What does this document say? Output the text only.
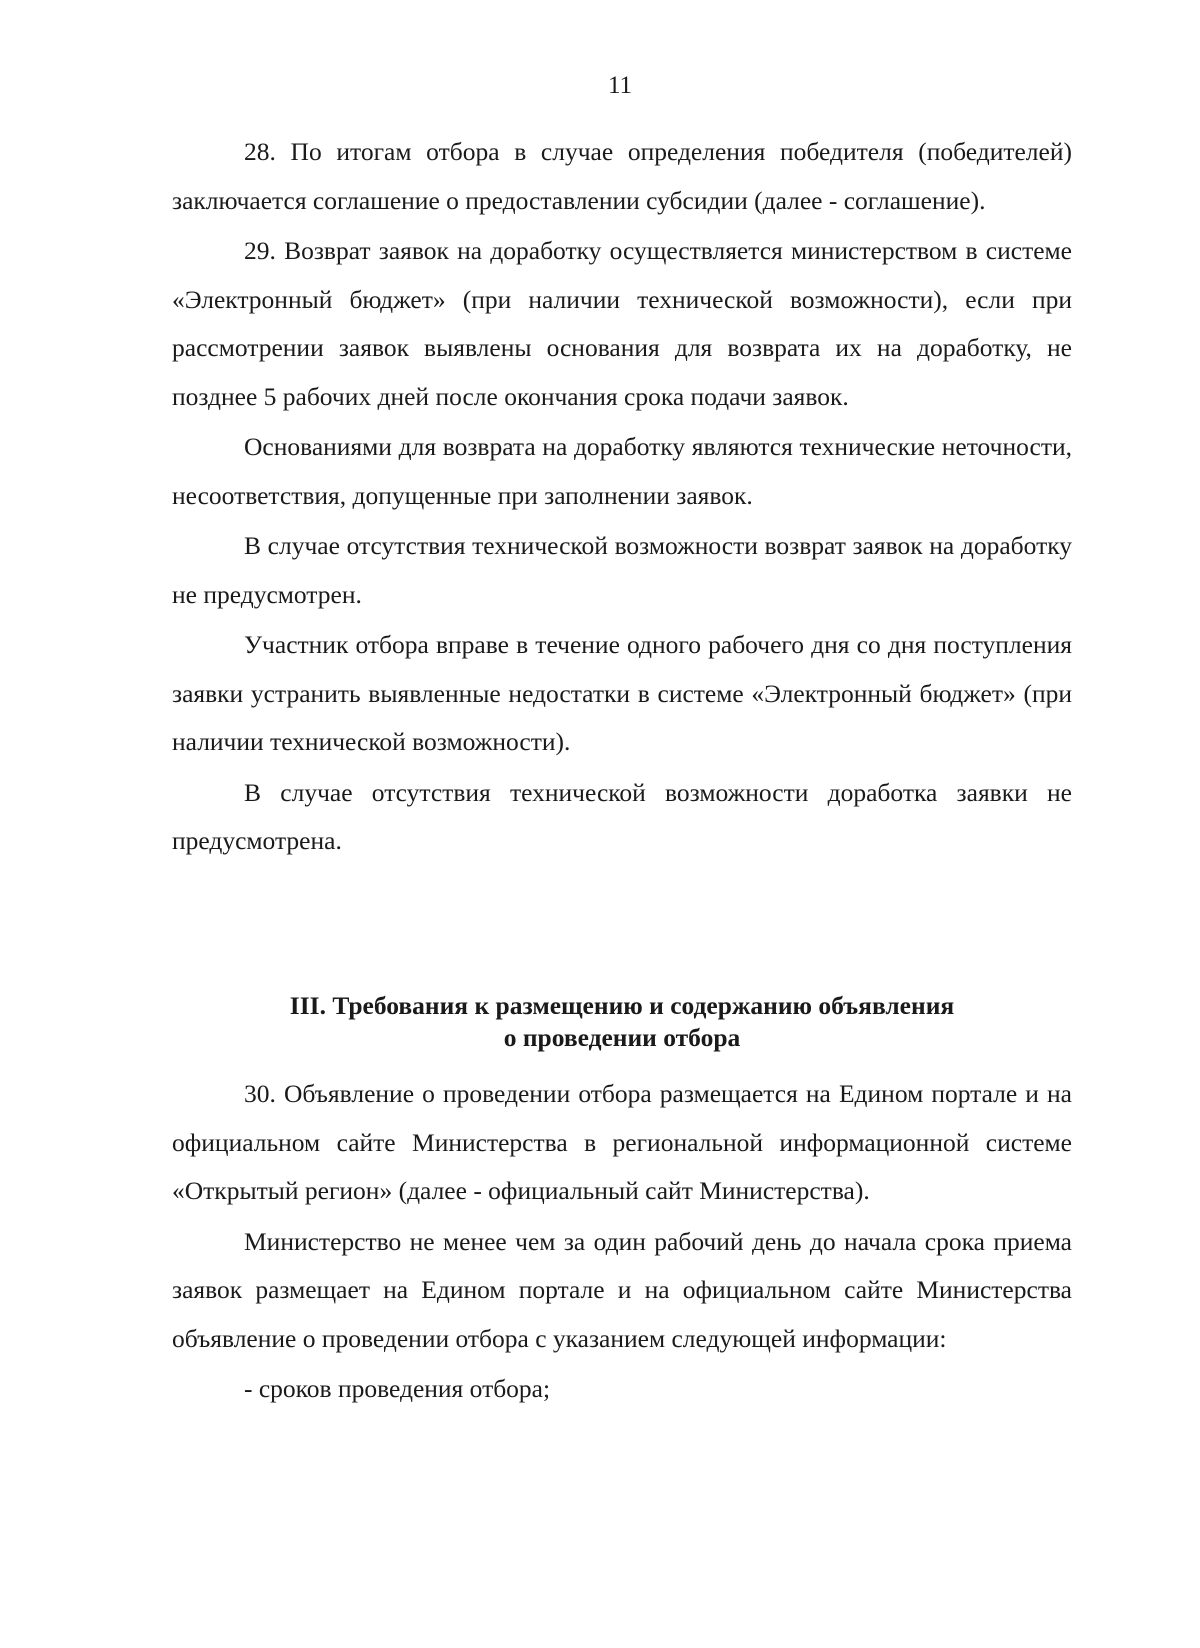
11

28. По итогам отбора в случае определения победителя (победителей) заключается соглашение о предоставлении субсидии (далее - соглашение).

29. Возврат заявок на доработку осуществляется министерством в системе «Электронный бюджет» (при наличии технической возможности), если при рассмотрении заявок выявлены основания для возврата их на доработку, не позднее 5 рабочих дней после окончания срока подачи заявок.

Основаниями для возврата на доработку являются технические неточности, несоответствия, допущенные при заполнении заявок.

В случае отсутствия технической возможности возврат заявок на доработку не предусмотрен.

Участник отбора вправе в течение одного рабочего дня со дня поступления заявки устранить выявленные недостатки в системе «Электронный бюджет» (при наличии технической возможности).

В случае отсутствия технической возможности доработка заявки не предусмотрена.

III. Требования к размещению и содержанию объявления
о проведении отбора

30. Объявление о проведении отбора размещается на Едином портале и на официальном сайте Министерства в региональной информационной системе «Открытый регион» (далее - официальный сайт Министерства).

Министерство не менее чем за один рабочий день до начала срока приема заявок размещает на Едином портале и на официальном сайте Министерства объявление о проведении отбора с указанием следующей информации:

- сроков проведения отбора;
